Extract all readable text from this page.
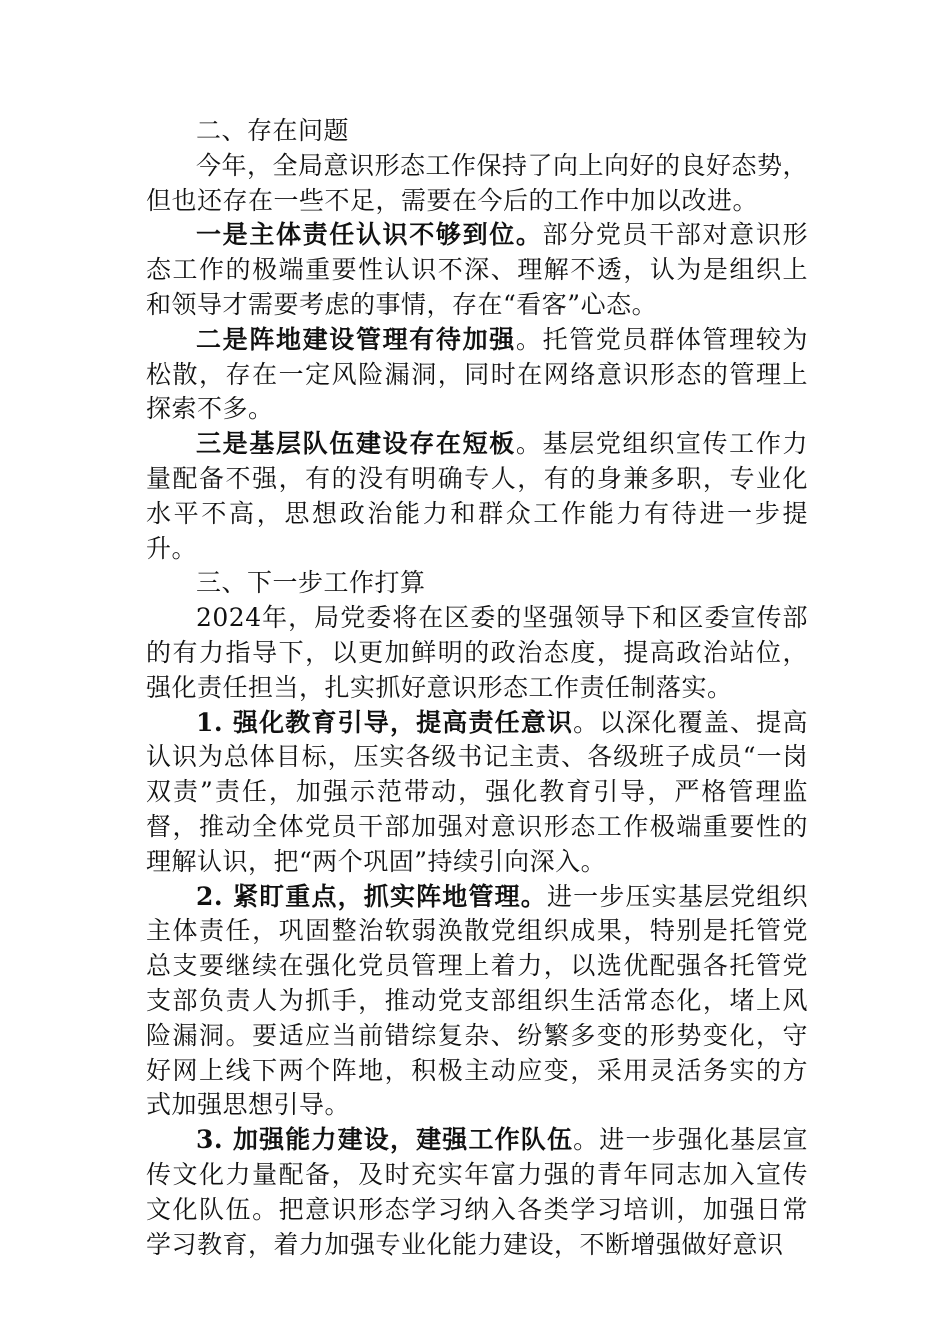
二、存在问题

今年，全局意识形态工作保持了向上向好的良好态势，但也还存在一些不足，需要在今后的工作中加以改进。

一是主体责任认识不够到位。部分党员干部对意识形态工作的极端重要性认识不深、理解不透，认为是组织上和领导才需要考虑的事情，存在“看客”心态。

二是阵地建设管理有待加强。托管党员群体管理较为松散，存在一定风险漏洞，同时在网络意识形态的管理上探索不多。

三是基层队伍建设存在短板。基层党组织宣传工作力量配备不强，有的没有明确专人，有的身兼多职，专业化水平不高，思想政治能力和群众工作能力有待进一步提升。

三、下一步工作打算

2024年，局党委将在区委的坚强领导下和区委宣传部的有力指导下，以更加鲜明的政治态度，提高政治站位，强化责任担当，扎实抓好意识形态工作责任制落实。

1. 强化教育引导，提高责任意识。以深化覆盖、提高认识为总体目标，压实各级书记主责、各级班子成员“一岗双责”责任，加强示范带动，强化教育引导，严格管理监督，推动全体党员干部加强对意识形态工作极端重要性的理解认识，把“两个巩固”持续引向深入。

2. 紧盯重点，抓实阵地管理。进一步压实基层党组织主体责任，巩固整治软弱涣散党组织成果，特别是托管党总支要继续在强化党员管理上着力，以选优配强各托管党支部负责人为抓手，推动党支部组织生活常态化，堵上风险漏洞。要适应当前错综复杂、纷繁多变的形势变化，守好网上线下两个阵地，积极主动应变，采用灵活务实的方式加强思想引导。

3. 加强能力建设，建强工作队伍。进一步强化基层宣传文化力量配备，及时充实年富力强的青年同志加入宣传文化队伍。把意识形态学习纳入各类学习培训，加强日常学习教育，着力加强专业化能力建设，不断增强做好意识
